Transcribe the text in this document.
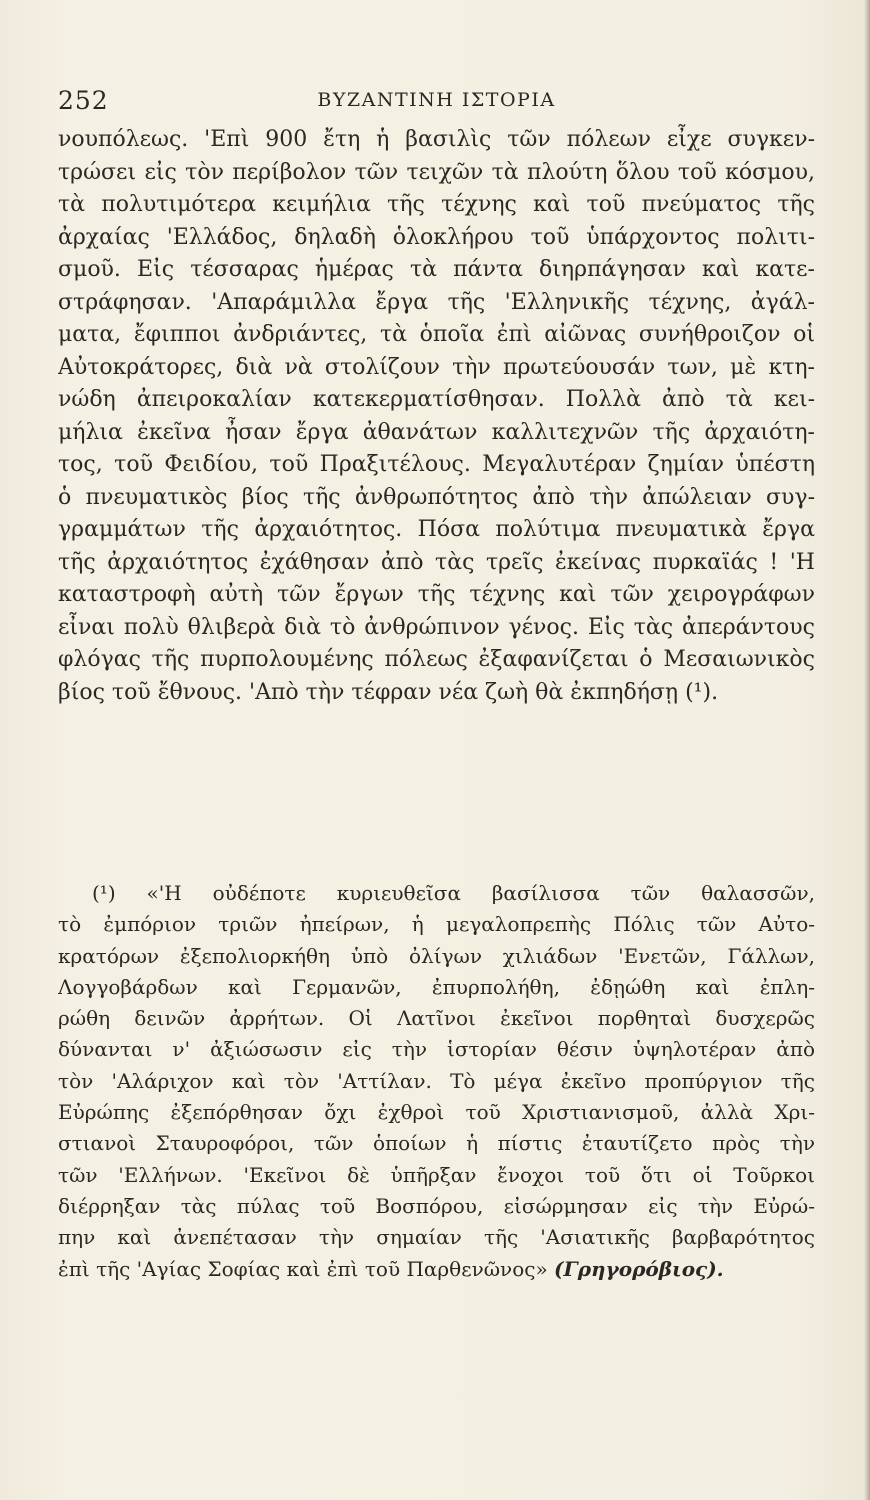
252	ΒΥΖΑΝΤΙΝΗ ΙΣΤΟΡΙΑ
νουπόλεως. 'Επὶ 900 ἔτη ἡ βασιλὶς τῶν πόλεων εἶχε συγκεν-
τρώσει εἰς τὸν περίβολον τῶν τειχῶν τὰ πλούτη ὅλου τοῦ κόσμου,
τὰ πολυτιμότερα κειμήλια τῆς τέχνης καὶ τοῦ πνεύματος τῆς
ἀρχαίας 'Ελλάδος, δηλαδὴ ὁλοκλήρου τοῦ ὑπάρχοντος πολιτι-
σμοῦ. Εἰς τέσσαρας ἡμέρας τὰ πάντα διηρπάγησαν καὶ κατε-
στράφησαν. 'Απαράμιλλα ἔργα τῆς 'Ελληνικῆς τέχνης, ἀγάλ-
ματα, ἔφιπποι ἀνδριάντες, τὰ ὁποῖα ἐπὶ αἰῶνας συνήθροιζον οἱ
Αὐτοκράτορες, διὰ νὰ στολίζουν τὴν πρωτεύουσάν των, μὲ κτη-
νώδη ἀπειροκαλίαν κατεκερματίσθησαν. Πολλὰ ἀπὸ τὰ κει-
μήλια ἐκεῖνα ἦσαν ἔργα ἀθανάτων καλλιτεχνῶν τῆς ἀρχαιότη-
τος, τοῦ Φειδίου, τοῦ Πραξιτέλους. Μεγαλυτέραν ζημίαν ὑπέστη
ὁ πνευματικὸς βίος τῆς ἀνθρωπότητος ἀπὸ τὴν ἀπώλειαν συγ-
γραμμάτων τῆς ἀρχαιότητος. Πόσα πολύτιμα πνευματικὰ ἔργα
τῆς ἀρχαιότητος ἐχάθησαν ἀπὸ τὰς τρεῖς ἐκείνας πυρκαϊάς ! 'Η
καταστροφὴ αὐτὴ τῶν ἔργων τῆς τέχνης καὶ τῶν χειρογράφων
εἶναι πολὺ θλιβερὰ διὰ τὸ ἀνθρώπινον γένος. Εἰς τὰς ἀπεράντους
φλόγας τῆς πυρπολουμένης πόλεως ἐξαφανίζεται ὁ Μεσαιωνικὸς
βίος τοῦ ἔθνους. 'Απὸ τὴν τέφραν νέα ζωὴ θὰ ἐκπηδήσῃ (¹).
(¹) «'Η οὐδέποτε κυριευθεῖσα βασίλισσα τῶν θαλασσῶν,
τὸ ἐμπόριον τριῶν ἠπείρων, ἡ μεγαλοπρεπὴς Πόλις τῶν Αὐτο-
κρατόρων ἐξεπολιορκήθη ὑπὸ ὀλίγων χιλιάδων 'Ενετῶν, Γάλλων,
Λογγοβάρδων καὶ Γερμανῶν, ἐπυρπολήθη, ἐδῃώθη καὶ ἐπλη-
ρώθη δεινῶν ἀρρήτων. Οἱ Λατῖνοι ἐκεῖνοι πορθηταὶ δυσχερῶς
δύνανται ν' ἀξιώσωσιν εἰς τὴν ἱστορίαν θέσιν ὑψηλοτέραν ἀπὸ
τὸν 'Αλάριχον καὶ τὸν 'Αττίλαν. Τὸ μέγα ἐκεῖνο προπύργιον τῆς
Εὐρώπης ἐξεπόρθησαν ὄχι ἐχθροὶ τοῦ Χριστιανισμοῦ, ἀλλὰ Χρι-
στιανοὶ Σταυροφόροι, τῶν ὁποίων ἡ πίστις ἐταυτίζετο πρὸς τὴν
τῶν 'Ελλήνων. 'Εκεῖνοι δὲ ὑπῆρξαν ἔνοχοι τοῦ ὅτι οἱ Τοῦρκοι
διέρρηξαν τὰς πύλας τοῦ Βοσπόρου, εἰσώρμησαν εἰς τὴν Εὐρώ-
πην καὶ ἀνεπέτασαν τὴν σημαίαν τῆς 'Ασιατικῆς βαρβαρότητος
ἐπὶ τῆς 'Αγίας Σοφίας καὶ ἐπὶ τοῦ Παρθενῶνος» (Γρηγορόβιος).
